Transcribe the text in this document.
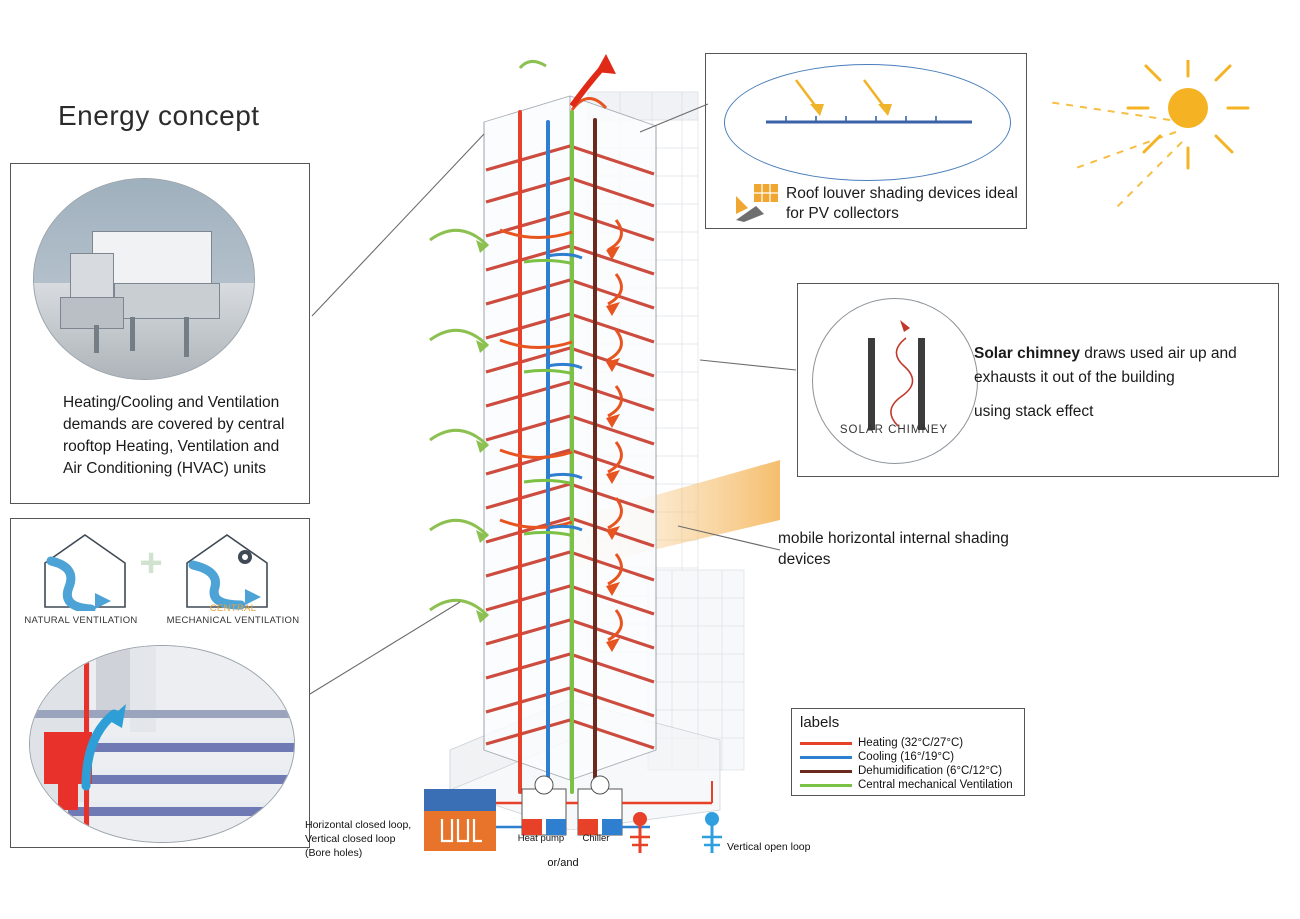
Energy concept
Heating/Cooling and Ventilation demands are covered by central rooftop Heating, Ventilation and Air Conditioning (HVAC) units
+
NATURAL VENTILATION
CENTRAL
MECHANICAL VENTILATION
Roof louver shading devices ideal for PV collectors
SOLAR CHIMNEY
Solar chimney draws used air up and exhausts it out of the building
using stack effect
mobile horizontal internal shading devices
labels
Heating (32°C/27°C)
Cooling (16°/19°C)
Dehumidification (6°C/12°C)
Central mechanical Ventilation
Horizontal closed loop,
Vertical closed loop
(Bore holes)
Heat pump	Chiller
or/and
Vertical open loop
